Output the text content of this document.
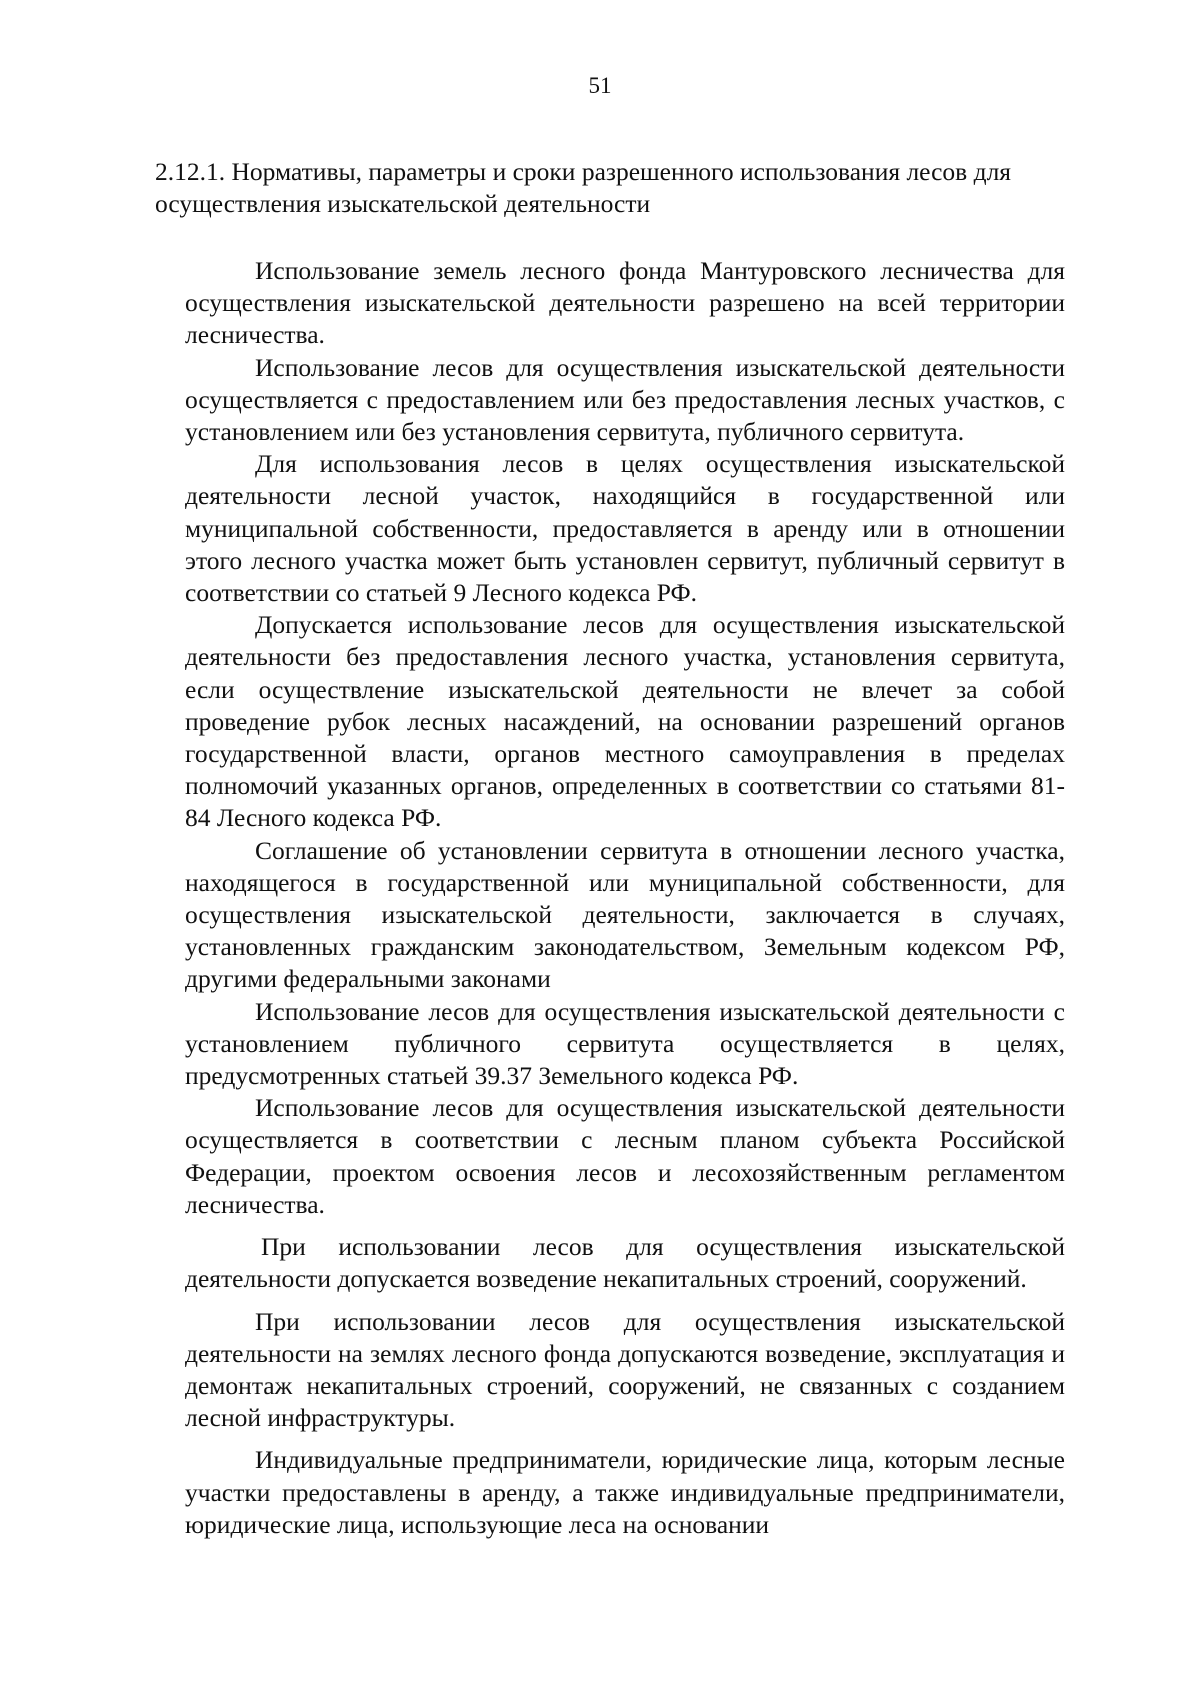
51
2.12.1. Нормативы, параметры и сроки разрешенного использования лесов для осуществления изыскательской деятельности

Использование земель лесного фонда Мантуровского лесничества для осуществления изыскательской деятельности разрешено на всей территории лесничества.

Использование лесов для осуществления изыскательской деятельности осуществляется с предоставлением или без предоставления лесных участков, с установлением или без установления сервитута, публичного сервитута.

Для использования лесов в целях осуществления изыскательской деятельности лесной участок, находящийся в государственной или муниципальной собственности, предоставляется в аренду или в отношении этого лесного участка может быть установлен сервитут, публичный сервитут в соответствии со статьей 9 Лесного кодекса РФ.

Допускается использование лесов для осуществления изыскательской деятельности без предоставления лесного участка, установления сервитута, если осуществление изыскательской деятельности не влечет за собой проведение рубок лесных насаждений, на основании разрешений органов государственной власти, органов местного самоуправления в пределах полномочий указанных органов, определенных в соответствии со статьями 81-84 Лесного кодекса РФ.

Соглашение об установлении сервитута в отношении лесного участка, находящегося в государственной или муниципальной собственности, для осуществления изыскательской деятельности, заключается в случаях, установленных гражданским законодательством, Земельным кодексом РФ, другими федеральными законами

Использование лесов для осуществления изыскательской деятельности с установлением публичного сервитута осуществляется в целях, предусмотренных статьей 39.37 Земельного кодекса РФ.

Использование лесов для осуществления изыскательской деятельности осуществляется в соответствии с лесным планом субъекта Российской Федерации, проектом освоения лесов и лесохозяйственным регламентом лесничества.

При использовании лесов для осуществления изыскательской деятельности допускается возведение некапитальных строений, сооружений.

При использовании лесов для осуществления изыскательской деятельности на землях лесного фонда допускаются возведение, эксплуатация и демонтаж некапитальных строений, сооружений, не связанных с созданием лесной инфраструктуры.

Индивидуальные предприниматели, юридические лица, которым лесные участки предоставлены в аренду, а также индивидуальные предприниматели, юридические лица, использующие леса на основании
